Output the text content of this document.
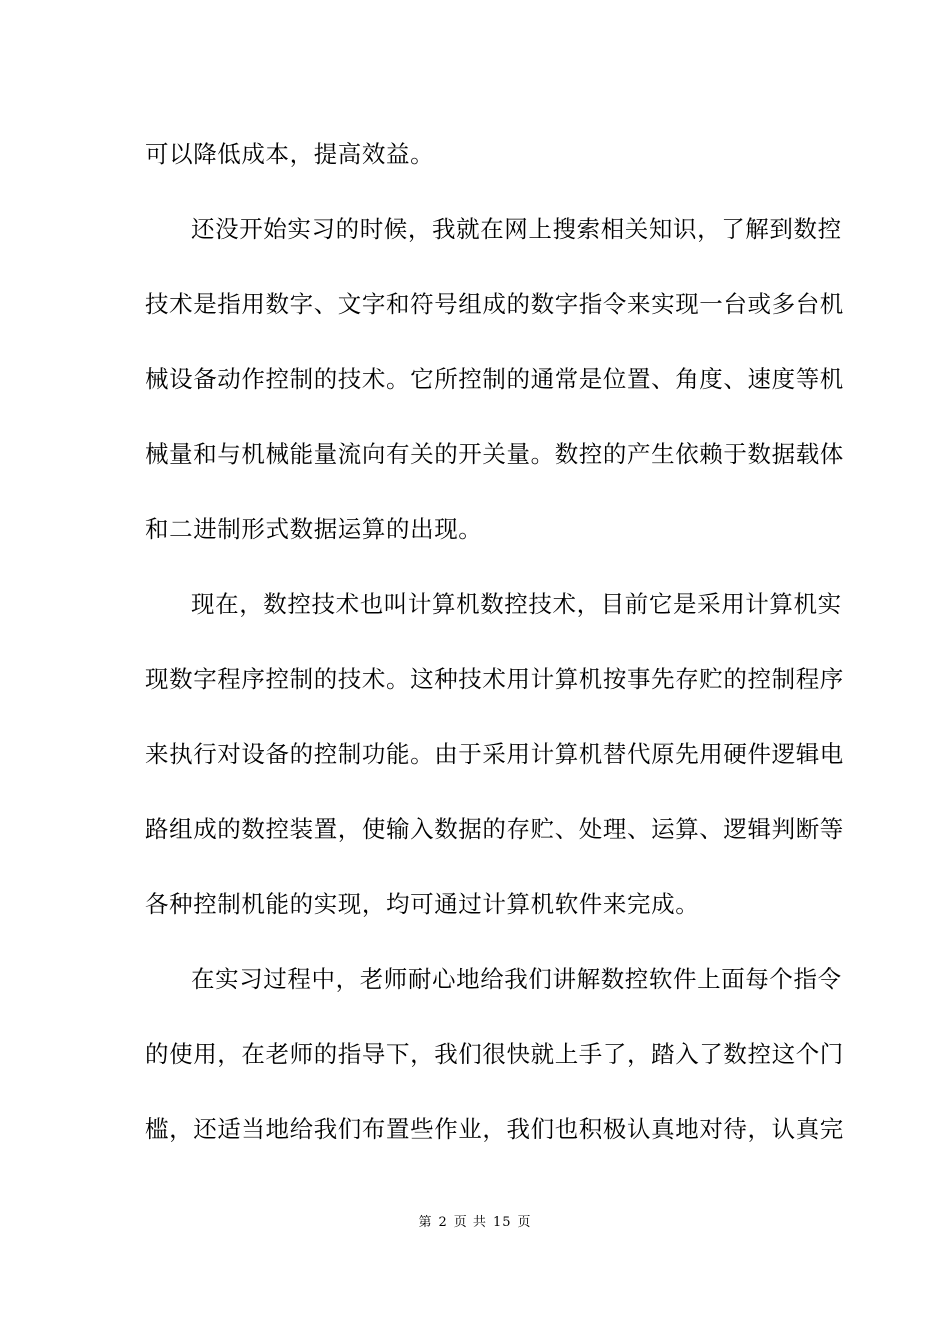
可以降低成本，提高效益。
还没开始实习的时候，我就在网上搜索相关知识，了解到数控
技术是指用数字、文字和符号组成的数字指令来实现一台或多台机
械设备动作控制的技术。它所控制的通常是位置、角度、速度等机
械量和与机械能量流向有关的开关量。数控的产生依赖于数据载体
和二进制形式数据运算的出现。
现在，数控技术也叫计算机数控技术，目前它是采用计算机实
现数字程序控制的技术。这种技术用计算机按事先存贮的控制程序
来执行对设备的控制功能。由于采用计算机替代原先用硬件逻辑电
路组成的数控装置，使输入数据的存贮、处理、运算、逻辑判断等
各种控制机能的实现，均可通过计算机软件来完成。
在实习过程中，老师耐心地给我们讲解数控软件上面每个指令
的使用，在老师的指导下，我们很快就上手了，踏入了数控这个门
槛，还适当地给我们布置些作业，我们也积极认真地对待，认真完
第 2 页 共 15 页
